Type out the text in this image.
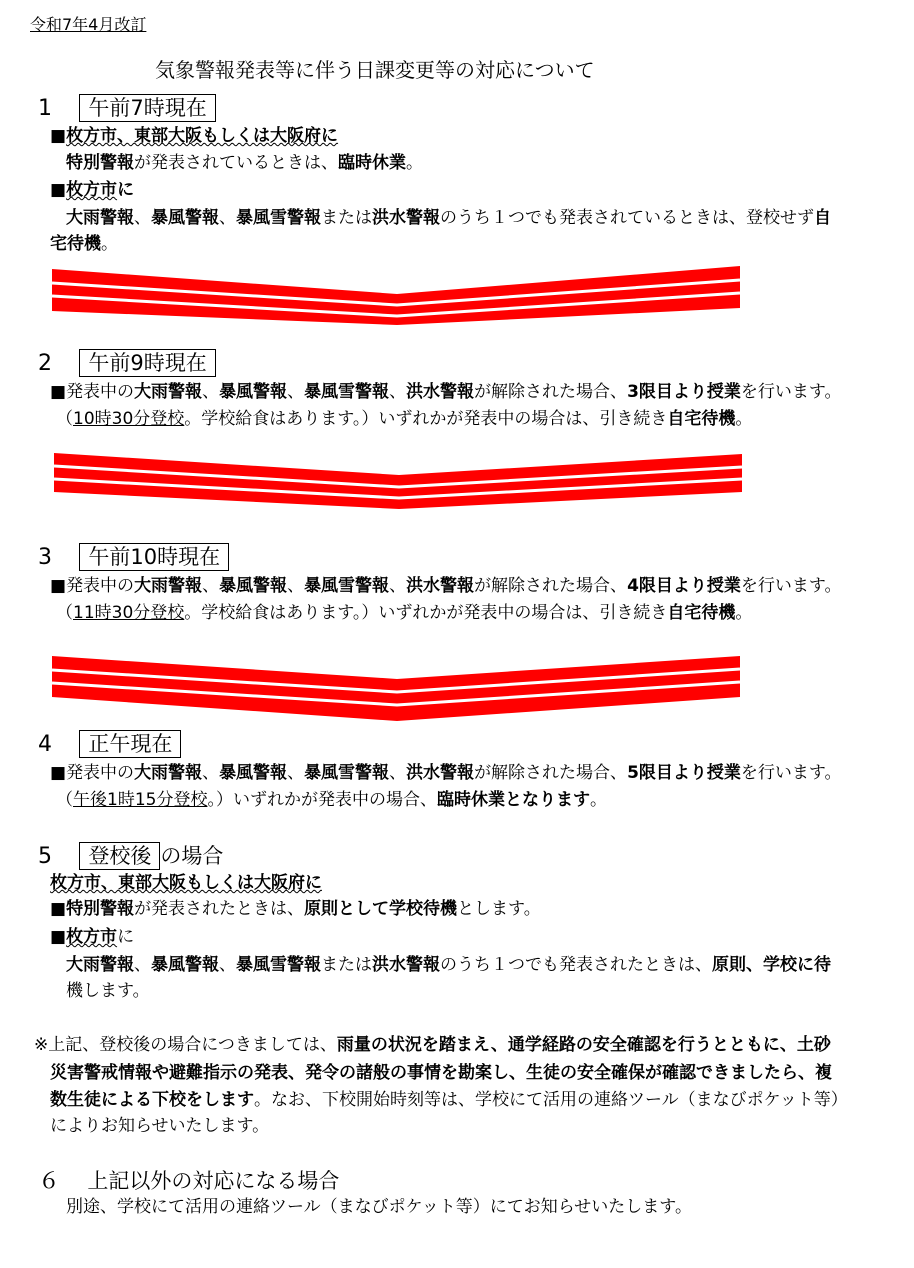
令和7年4月改訂
気象警報発表等に伴う日課変更等の対応について
1 午前7時現在
■枚方市、東部大阪もしくは大阪府に
特別警報が発表されているときは、臨時休業。
■枚方市に
大雨警報、暴風警報、暴風雪警報または洪水警報のうち１つでも発表されているときは、登校せず自
宅待機。
2 午前9時現在
■発表中の大雨警報、暴風警報、暴風雪警報、洪水警報が解除された場合、3限目より授業を行います。
（10時30分登校。学校給食はあります。）いずれかが発表中の場合は、引き続き自宅待機。
3 午前10時現在
■発表中の大雨警報、暴風警報、暴風雪警報、洪水警報が解除された場合、4限目より授業を行います。
（11時30分登校。学校給食はあります。）いずれかが発表中の場合は、引き続き自宅待機。
4 正午現在
■発表中の大雨警報、暴風警報、暴風雪警報、洪水警報が解除された場合、5限目より授業を行います。
（午後1時15分登校。）いずれかが発表中の場合、臨時休業となります。
5 登校後 の場合
枚方市、東部大阪もしくは大阪府に
■特別警報が発表されたときは、原則として学校待機とします。
■枚方市に
大雨警報、暴風警報、暴風雪警報または洪水警報のうち１つでも発表されたときは、原則、学校に待
機します。
※上記、登校後の場合につきましては、雨量の状況を踏まえ、通学経路の安全確認を行うとともに、土砂
災害警戒情報や避難指示の発表、発令の諸般の事情を勘案し、生徒の安全確保が確認できましたら、複
数生徒による下校をします。なお、下校開始時刻等は、学校にて活用の連絡ツール（まなびポケット等）
によりお知らせいたします。
６ 上記以外の対応になる場合
別途、学校にて活用の連絡ツール（まなびポケット等）にてお知らせいたします。
